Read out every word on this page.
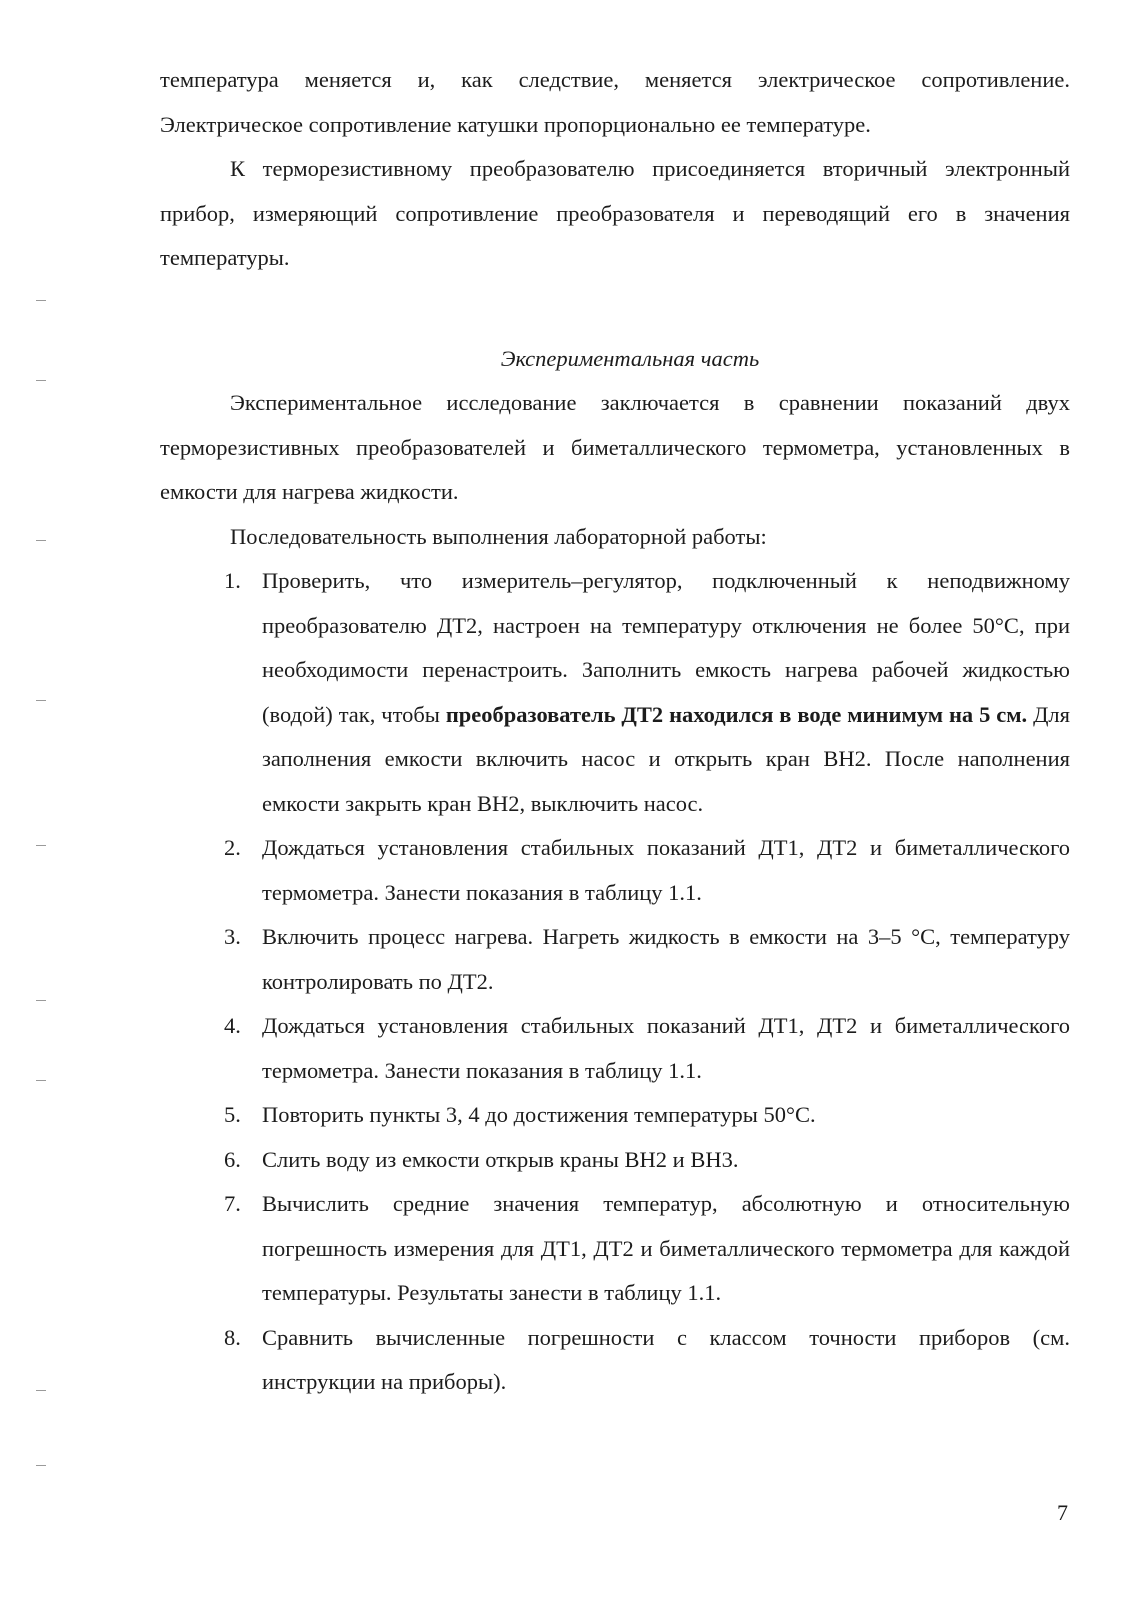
температура меняется и, как следствие, меняется электрическое сопротивление. Электрическое сопротивление катушки пропорционально ее температуре.

К терморезистивному преобразователю присоединяется вторичный электронный прибор, измеряющий сопротивление преобразователя и переводящий его в значения температуры.

Экспериментальная часть

Экспериментальное исследование заключается в сравнении показаний двух терморезистивных преобразователей и биметаллического термометра, установленных в емкости для нагрева жидкости.

Последовательность выполнения лабораторной работы:

1. Проверить, что измеритель–регулятор, подключенный к неподвижному преобразователю ДТ2, настроен на температуру отключения не более 50°С, при необходимости перенастроить. Заполнить емкость нагрева рабочей жидкостью (водой) так, чтобы преобразователь ДТ2 находился в воде минимум на 5 см. Для заполнения емкости включить насос и открыть кран ВН2. После наполнения емкости закрыть кран ВН2, выключить насос.
2. Дождаться установления стабильных показаний ДТ1, ДТ2 и биметаллического термометра. Занести показания в таблицу 1.1.
3. Включить процесс нагрева. Нагреть жидкость в емкости на 3–5 °С, температуру контролировать по ДТ2.
4. Дождаться установления стабильных показаний ДТ1, ДТ2 и биметаллического термометра. Занести показания в таблицу 1.1.
5. Повторить пункты 3, 4 до достижения температуры 50°С.
6. Слить воду из емкости открыв краны ВН2 и ВН3.
7. Вычислить средние значения температур, абсолютную и относительную погрешность измерения для ДТ1, ДТ2 и биметаллического термометра для каждой температуры. Результаты занести в таблицу 1.1.
8. Сравнить вычисленные погрешности с классом точности приборов (см. инструкции на приборы).
7
